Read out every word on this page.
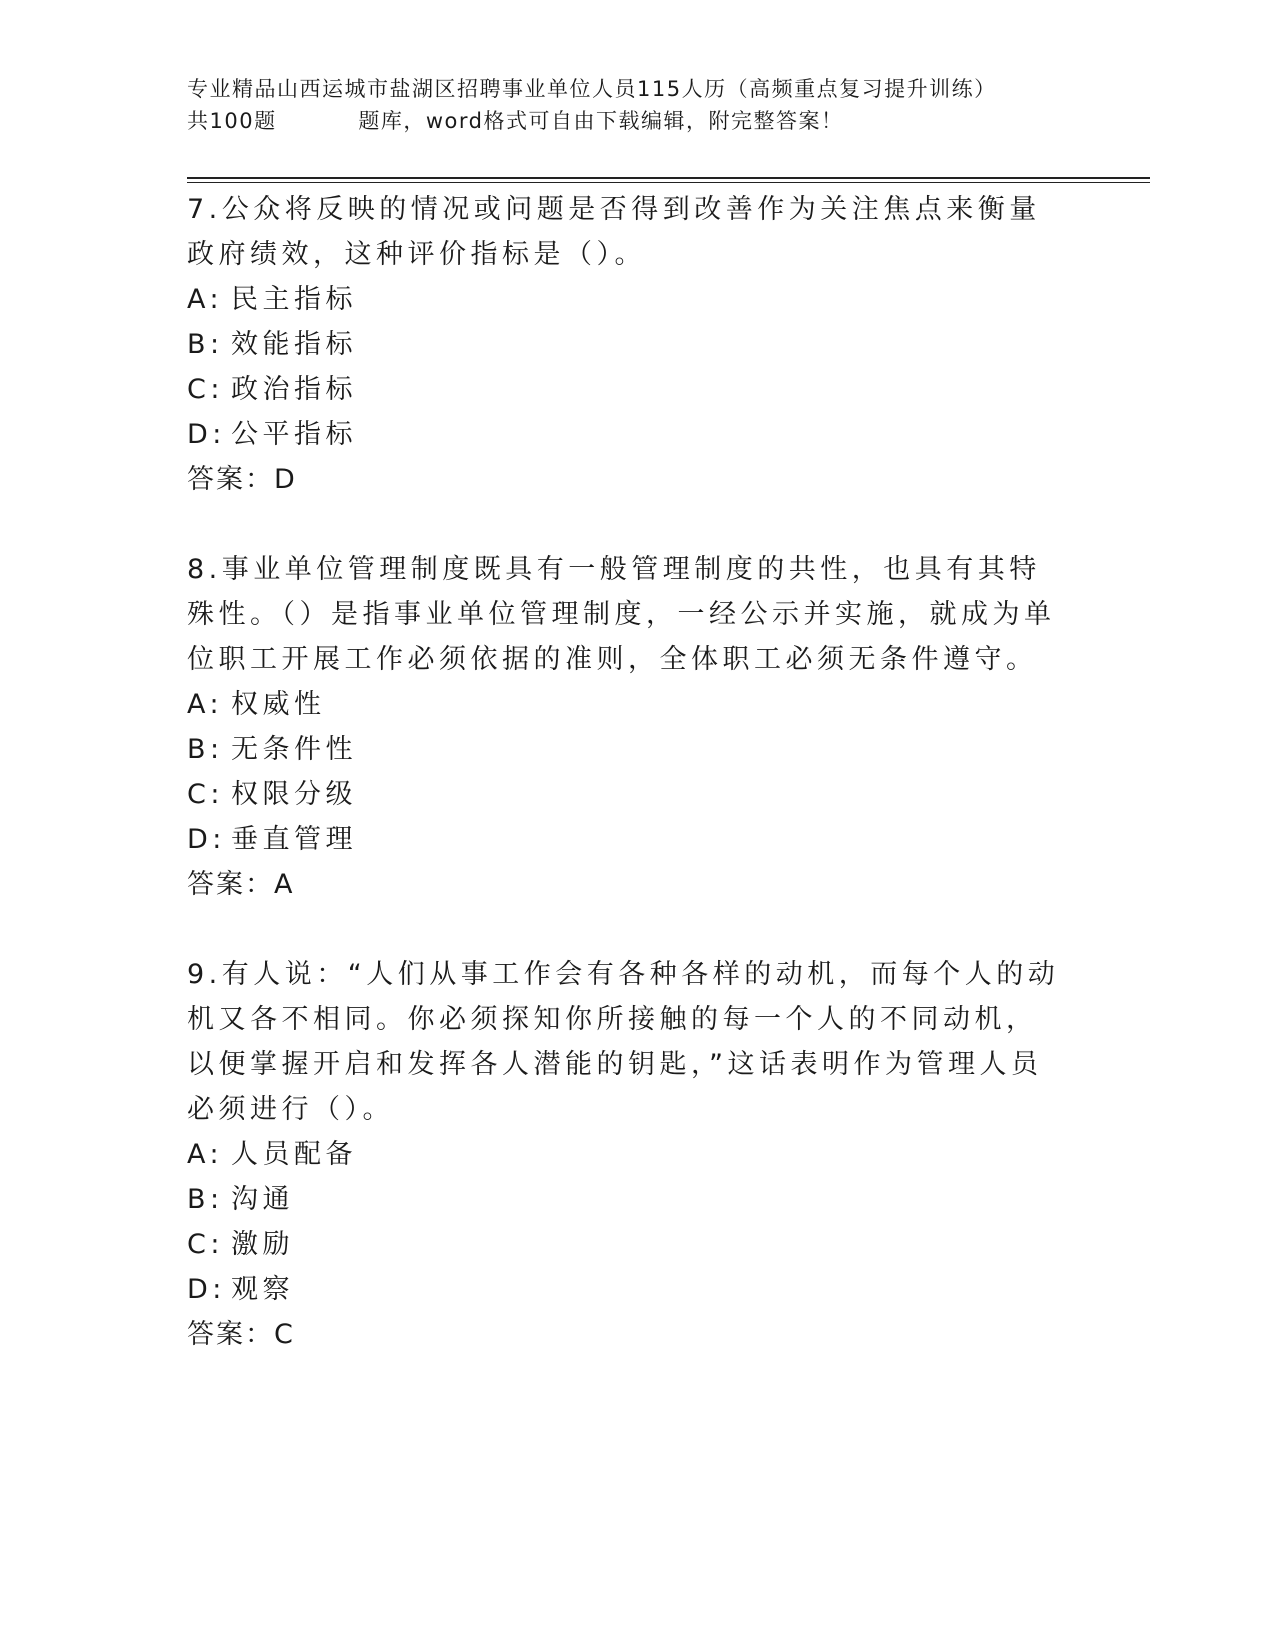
专业精品山西运城市盐湖区招聘事业单位人员115人历（高频重点复习提升训练）
共100题          题库，word格式可自由下载编辑，附完整答案！

7.公众将反映的情况或问题是否得到改善作为关注焦点来衡量政府绩效，这种评价指标是（）。

A: 民主指标

B: 效能指标

C: 政治指标

D: 公平指标

答案：D

8.事业单位管理制度既具有一般管理制度的共性，也具有其特殊性。（）是指事业单位管理制度，一经公示并实施，就成为单位职工开展工作必须依据的准则，全体职工必须无条件遵守。

A: 权威性

B: 无条件性

C: 权限分级

D: 垂直管理

答案：A

9.有人说：“人们从事工作会有各种各样的动机，而每个人的动机又各不相同。你必须探知你所接触的每一个人的不同动机，以便掌握开启和发挥各人潜能的钥匙，”这话表明作为管理人员必须进行（）。

A: 人员配备

B: 沟通

C: 激励

D: 观察

答案：C
